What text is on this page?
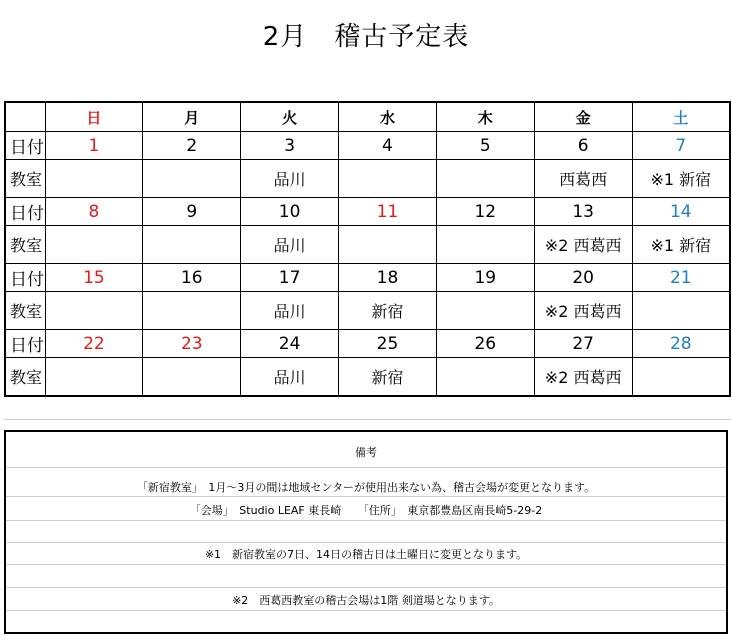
2月　稽古予定表
	日	月	火	水	木	金	土
日付	1	2	3	4	5	6	7
教室			品川			西葛西	※1 新宿
日付	8	9	10	11	12	13	14
教室			品川			※2 西葛西	※1 新宿
日付	15	16	17	18	19	20	21
教室			品川	新宿		※2 西葛西	
日付	22	23	24	25	26	27	28
教室			品川	新宿		※2 西葛西	
備考
「新宿教室」　1月～3月の間は地域センターが使用出来ない為、稽古会場が変更となります。
「会場」　Studio LEAF 東長崎　　「住所」　東京都豊島区南長崎5-29-2
※1　新宿教室の7日、14日の稽古日は土曜日に変更となります。
※2　西葛西教室の稽古会場は1階 剣道場となります。
